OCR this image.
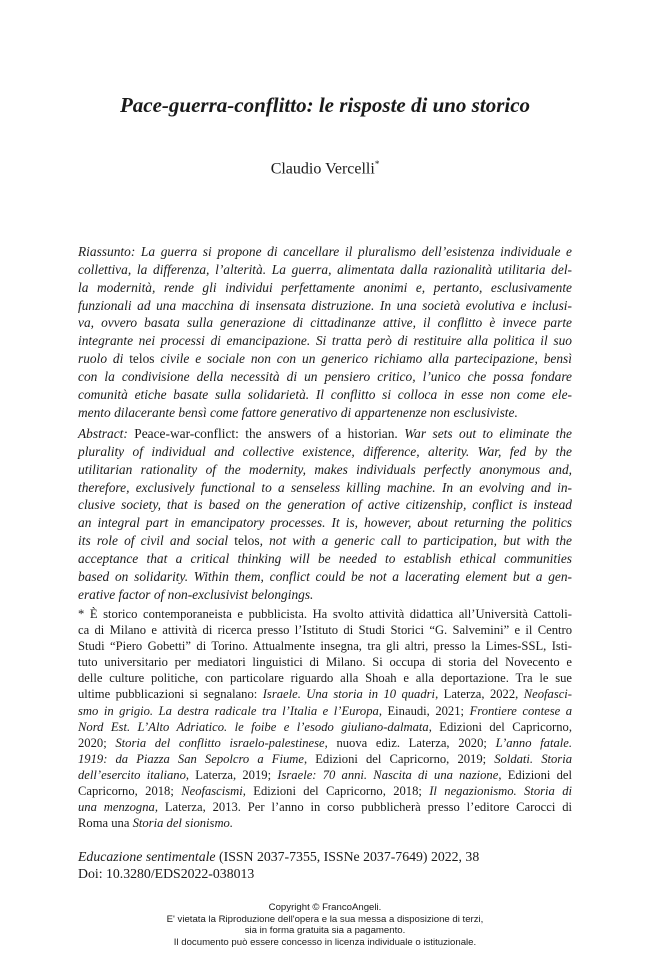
Pace-guerra-conflitto: le risposte di uno storico
Claudio Vercelli*
Riassunto: La guerra si propone di cancellare il pluralismo dell’esistenza individuale e
collettiva, la differenza, l’alterità. La guerra, alimentata dalla razionalità utilitaria del-
la modernità, rende gli individui perfettamente anonimi e, pertanto, esclusivamente
funzionali ad una macchina di insensata distruzione. In una società evolutiva e inclusi-
va, ovvero basata sulla generazione di cittadinanze attive, il conflitto è invece parte
integrante nei processi di emancipazione. Si tratta però di restituire alla politica il suo
ruolo di telos civile e sociale non con un generico richiamo alla partecipazione, bensì
con la condivisione della necessità di un pensiero critico, l’unico che possa fondare
comunità etiche basate sulla solidarietà. Il conflitto si colloca in esse non come ele-
mento dilacerante bensì come fattore generativo di appartenenze non esclusiviste.
Abstract: Peace-war-conflict: the answers of a historian. War sets out to eliminate the
plurality of individual and collective existence, difference, alterity. War, fed by the
utilitarian rationality of the modernity, makes individuals perfectly anonymous and,
therefore, exclusively functional to a senseless killing machine. In an evolving and in-
clusive society, that is based on the generation of active citizenship, conflict is instead
an integral part in emancipatory processes. It is, however, about returning the politics
its role of civil and social telos, not with a generic call to participation, but with the
acceptance that a critical thinking will be needed to establish ethical communities
based on solidarity. Within them, conflict could be not a lacerating element but a gen-
erative factor of non-exclusivist belongings.
* È storico contemporaneista e pubblicista. Ha svolto attività didattica all’Università Cattoli-
ca di Milano e attività di ricerca presso l’Istituto di Studi Storici “G. Salvemini” e il Centro
Studi “Piero Gobetti” di Torino. Attualmente insegna, tra gli altri, presso la Limes-SSL, Isti-
tuto universitario per mediatori linguistici di Milano. Si occupa di storia del Novecento e
delle culture politiche, con particolare riguardo alla Shoah e alla deportazione. Tra le sue
ultime pubblicazioni si segnalano: Israele. Una storia in 10 quadri, Laterza, 2022, Neofasci-
smo in grigio. La destra radicale tra l’Italia e l’Europa, Einaudi, 2021; Frontiere contese a
Nord Est. L’Alto Adriatico. le foibe e l’esodo giuliano-dalmata, Edizioni del Capricorno,
2020; Storia del conflitto israelo-palestinese, nuova ediz. Laterza, 2020; L’anno fatale.
1919: da Piazza San Sepolcro a Fiume, Edizioni del Capricorno, 2019; Soldati. Storia
dell’esercito italiano, Laterza, 2019; Israele: 70 anni. Nascita di una nazione, Edizioni del
Capricorno, 2018; Neofascismi, Edizioni del Capricorno, 2018; Il negazionismo. Storia di
una menzogna, Laterza, 2013. Per l’anno in corso pubblicherà presso l’editore Carocci di
Roma una Storia del sionismo.
Educazione sentimentale (ISSN 2037-7355, ISSNe 2037-7649) 2022, 38
Doi: 10.3280/EDS2022-038013
Copyright © FrancoAngeli.
E' vietata la Riproduzione dell'opera e la sua messa a disposizione di terzi,
sia in forma gratuita sia a pagamento.
Il documento può essere concesso in licenza individuale o istituzionale.
